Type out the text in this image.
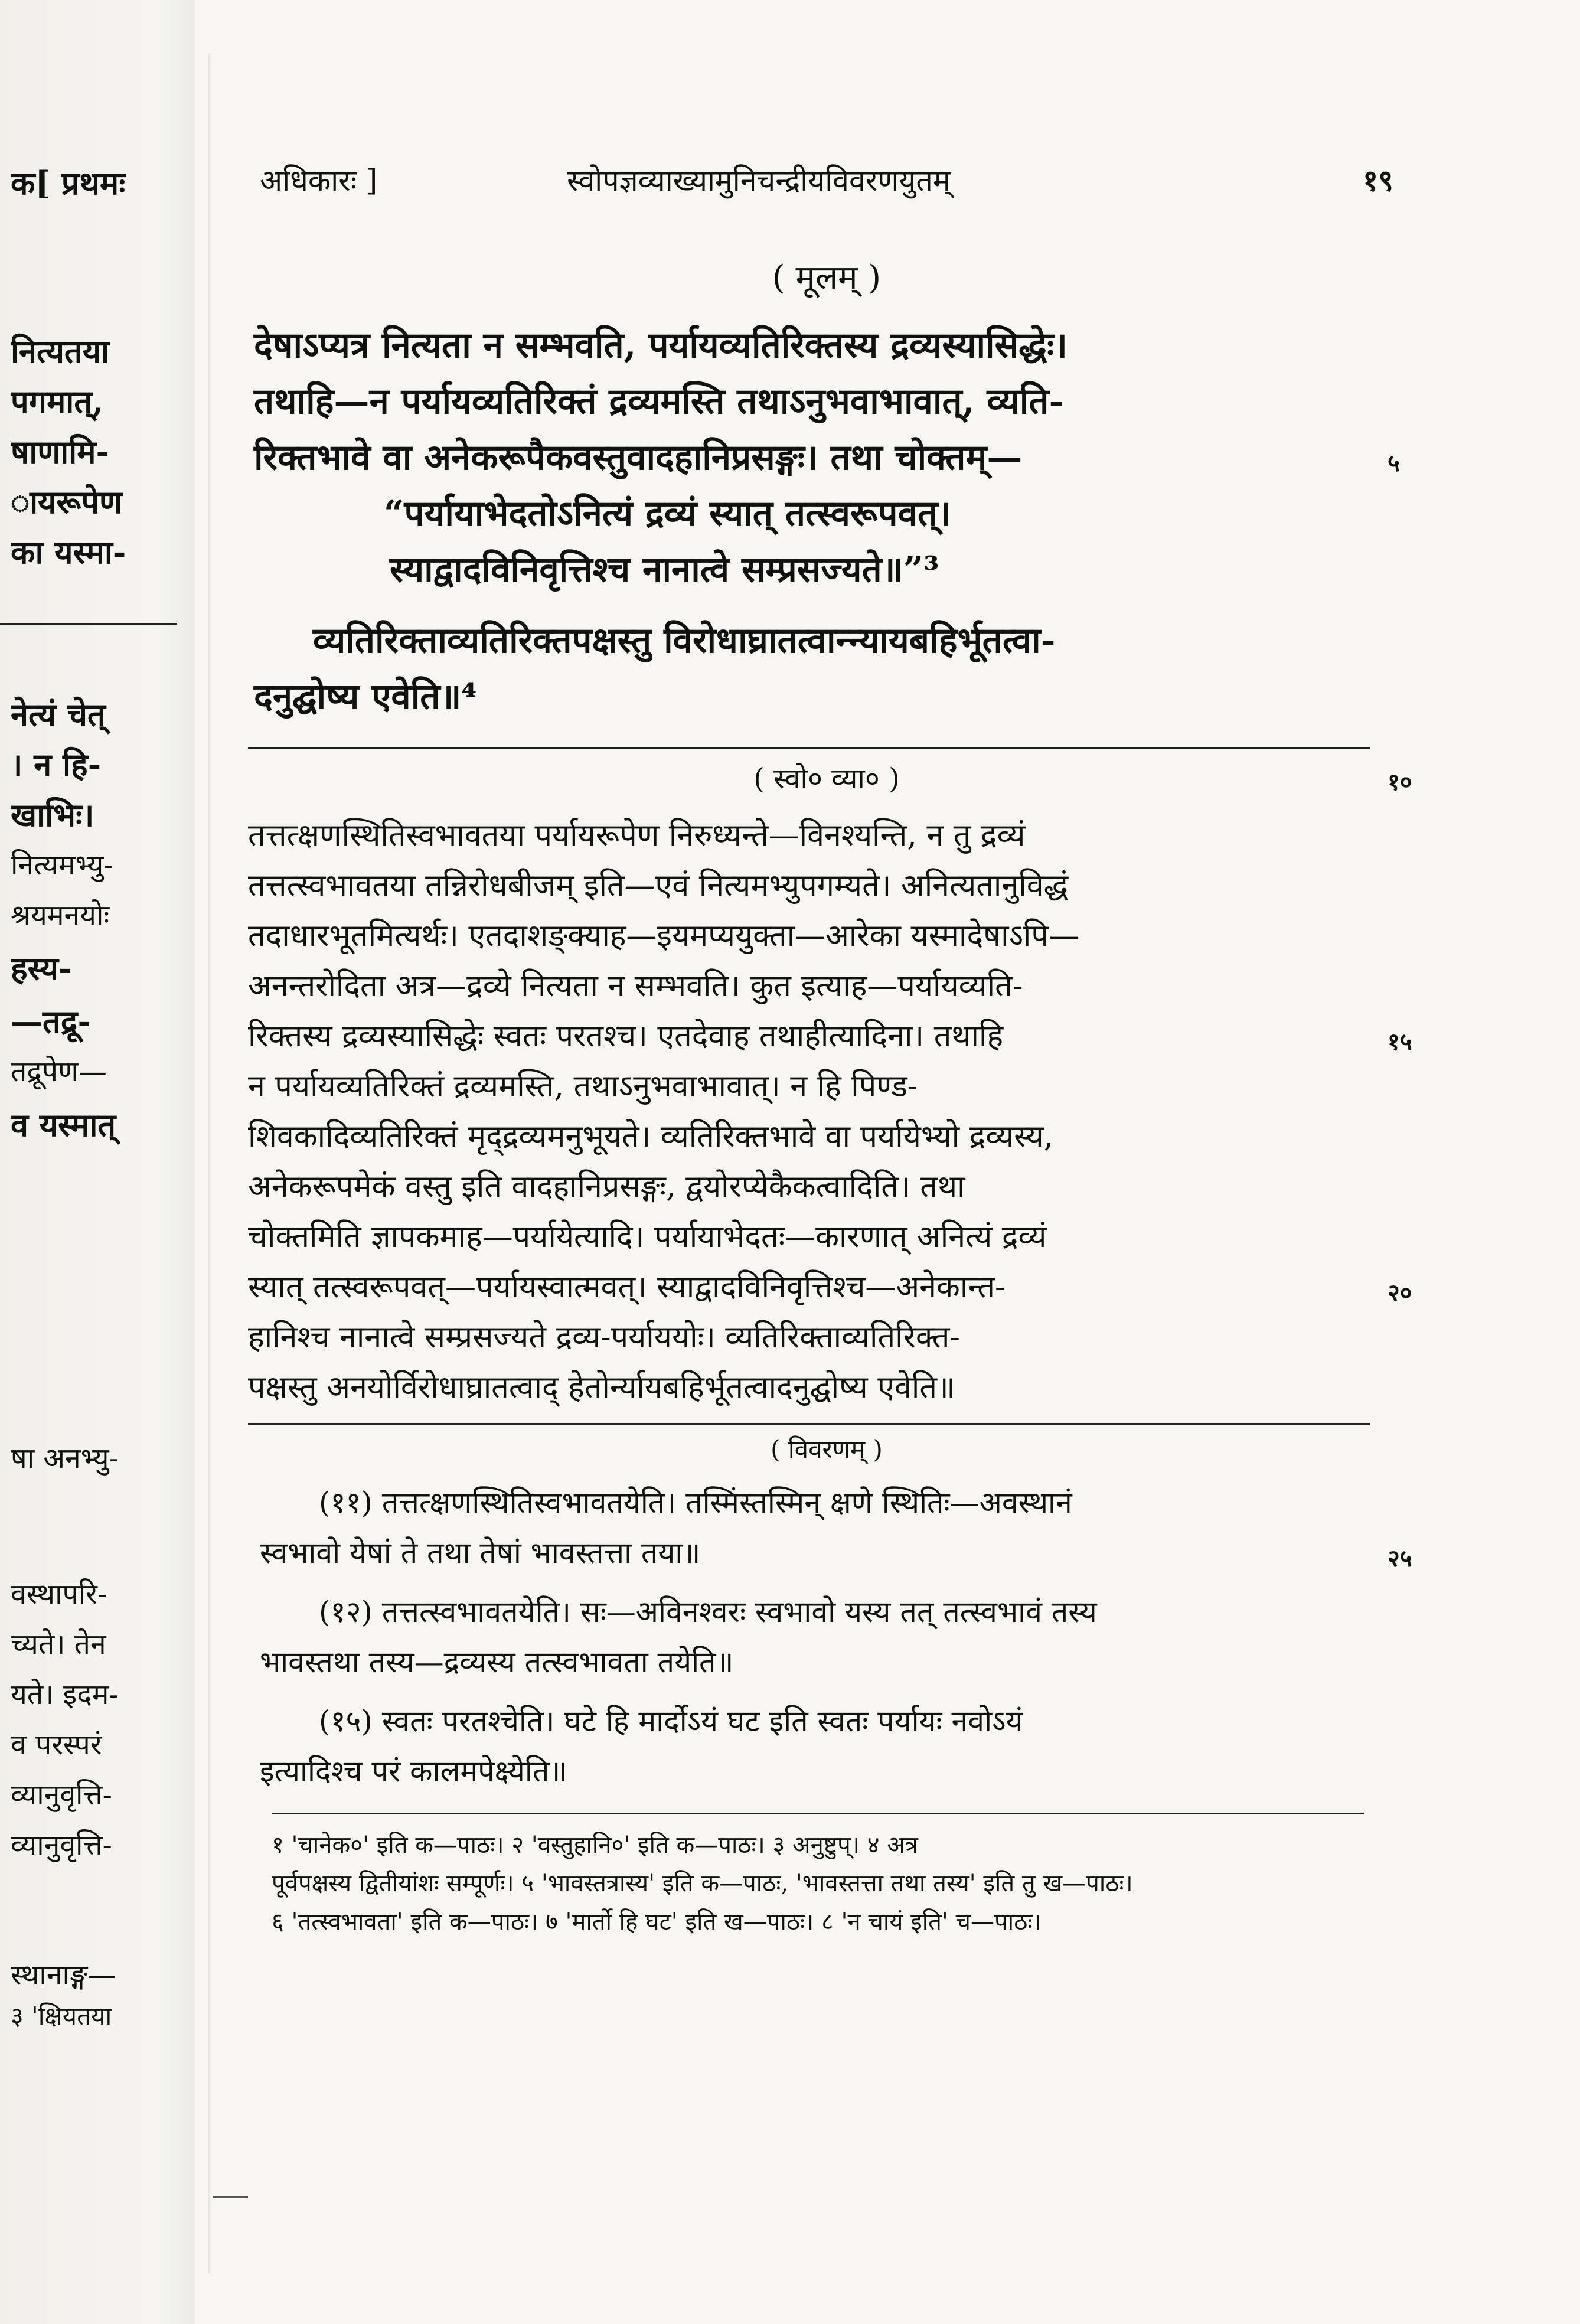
क[ प्रथमः
नित्यतया
पगमात्,
षाणामि-
ायरूपेण
का यस्मा-
नेत्यं चेत्
। न हि-
खाभिः।
नित्यमभ्यु-
श्रयमनयोः
हस्य-
—तद्रू-
तद्रूपेण—
व यस्मात्
षा अनभ्यु-
वस्थापरि-
च्यते। तेन
यते। इदम-
व परस्परं
व्यानुवृत्ति-
व्यानुवृत्ति-
स्थानाङ्ग—
३ 'क्षियतया
अधिकारः ]	स्वोपज्ञव्याख्यामुनिचन्द्रीयविवरणयुतम्	१९
( मूलम् )
देषाऽप्यत्र नित्यता न सम्भवति, पर्यायव्यतिरिक्तस्य द्रव्यस्यासिद्धेः।
तथाहि—न पर्यायव्यतिरिक्तं द्रव्यमस्ति तथाऽनुभवाभावात्, व्यति-
रिक्तभावे वा अनेकरूपैकवस्तुवादहानिप्रसङ्गः। तथा चोक्तम्—
“पर्यायाभेदतोऽनित्यं द्रव्यं स्यात् तत्स्वरूपवत्।
स्याद्वादविनिवृत्तिश्च नानात्वे सम्प्रसज्यते॥”³
व्यतिरिक्ताव्यतिरिक्तपक्षस्तु विरोधाघ्रातत्वान्न्यायबहिर्भूतत्वा-
दनुद्घोष्य एवेति॥⁴
५
( स्वो० व्या० )	१०
तत्तत्क्षणस्थितिस्वभावतया पर्यायरूपेण निरुध्यन्ते—विनश्यन्ति, न तु द्रव्यं
तत्तत्स्वभावतया तन्निरोधबीजम् इति—एवं नित्यमभ्युपगम्यते। अनित्यतानुविद्धं
तदाधारभूतमित्यर्थः। एतदाशङ्क्याह—इयमप्ययुक्ता—आरेका यस्मादेषाऽपि—
अनन्तरोदिता अत्र—द्रव्ये नित्यता न सम्भवति। कुत इत्याह—पर्यायव्यति-
रिक्तस्य द्रव्यस्यासिद्धेः स्वतः परतश्च। एतदेवाह तथाहीत्यादिना। तथाहि	१५
न पर्यायव्यतिरिक्तं द्रव्यमस्ति, तथाऽनुभवाभावात्। न हि पिण्ड-
शिवकादिव्यतिरिक्तं मृद्द्रव्यमनुभूयते। व्यतिरिक्तभावे वा पर्यायेभ्यो द्रव्यस्य,
अनेकरूपमेकं वस्तु इति वादहानिप्रसङ्गः, द्वयोरप्येकैकत्वादिति। तथा
चोक्तमिति ज्ञापकमाह—पर्यायेत्यादि। पर्यायाभेदतः—कारणात् अनित्यं द्रव्यं
स्यात् तत्स्वरूपवत्—पर्यायस्वात्मवत्। स्याद्वादविनिवृत्तिश्च—अनेकान्त-	२०
हानिश्च नानात्वे सम्प्रसज्यते द्रव्य-पर्याययोः। व्यतिरिक्ताव्यतिरिक्त-
पक्षस्तु अनयोर्विरोधाघ्रातत्वाद् हेतोर्न्यायबहिर्भूतत्वादनुद्घोष्य एवेति॥
( विवरणम् )
(११) तत्तत्क्षणस्थितिस्वभावतयेति। तस्मिंस्तस्मिन् क्षणे स्थितिः—अवस्थानं
स्वभावो येषां ते तथा तेषां भावस्तत्ता तया॥	२५
(१२) तत्तत्स्वभावतयेति। सः—अविनश्वरः स्वभावो यस्य तत् तत्स्वभावं तस्य
भावस्तथा तस्य—द्रव्यस्य तत्स्वभावता तयेति॥
(१५) स्वतः परतश्चेति। घटे हि मार्दोऽयं घट इति स्वतः पर्यायः नवोऽयं
इत्यादिश्च परं कालमपेक्ष्येति॥
१ 'चानेक०' इति क—पाठः। २ 'वस्तुहानि०' इति क—पाठः। ३ अनुष्टुप्। ४ अत्र
पूर्वपक्षस्य द्वितीयांशः सम्पूर्णः। ५ 'भावस्तत्रास्य' इति क—पाठः, 'भावस्तत्ता तथा तस्य' इति तु ख—पाठः।
६ 'तत्स्वभावता' इति क—पाठः। ७ 'मार्तो हि घट' इति ख—पाठः। ८ 'न चायं इति' च—पाठः।
